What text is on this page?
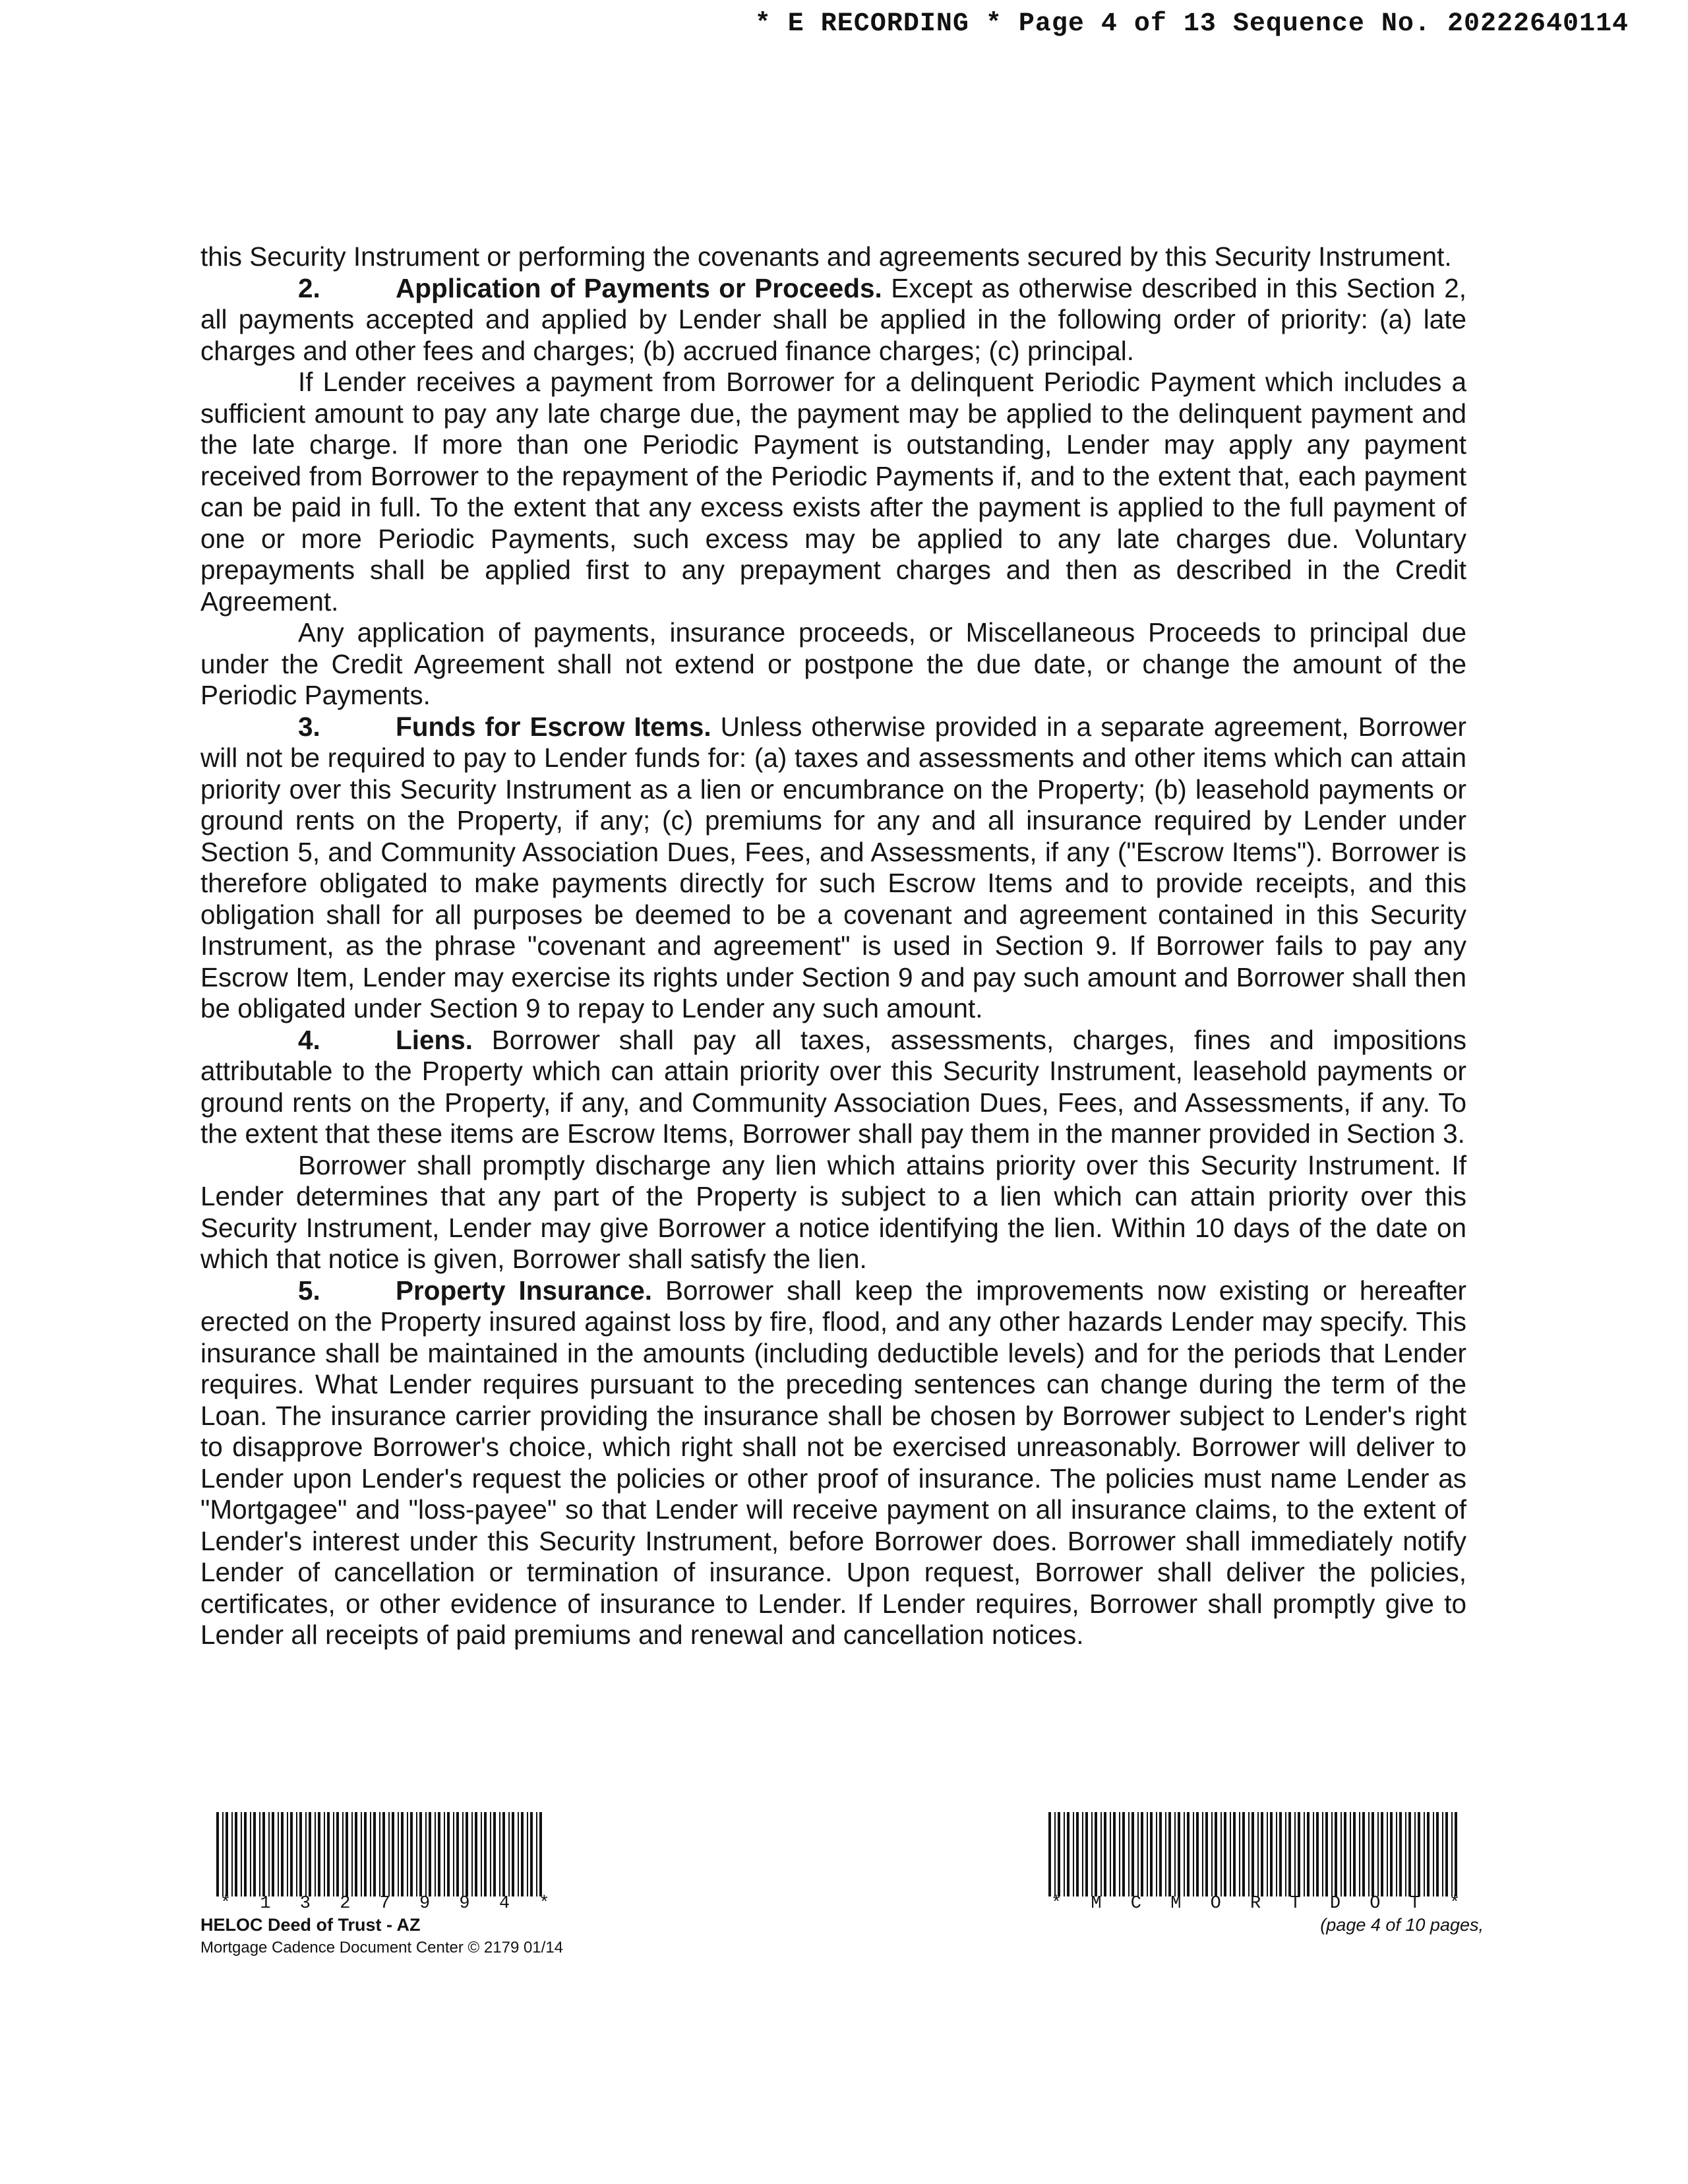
* E RECORDING * Page 4 of 13 Sequence No. 20222640114

this Security Instrument or performing the covenants and agreements secured by this Security Instrument.

2.	Application of Payments or Proceeds. Except as otherwise described in this Section 2, all payments accepted and applied by Lender shall be applied in the following order of priority: (a) late charges and other fees and charges; (b) accrued finance charges; (c) principal.

If Lender receives a payment from Borrower for a delinquent Periodic Payment which includes a sufficient amount to pay any late charge due, the payment may be applied to the delinquent payment and the late charge. If more than one Periodic Payment is outstanding, Lender may apply any payment received from Borrower to the repayment of the Periodic Payments if, and to the extent that, each payment can be paid in full. To the extent that any excess exists after the payment is applied to the full payment of one or more Periodic Payments, such excess may be applied to any late charges due. Voluntary prepayments shall be applied first to any prepayment charges and then as described in the Credit Agreement.

Any application of payments, insurance proceeds, or Miscellaneous Proceeds to principal due under the Credit Agreement shall not extend or postpone the due date, or change the amount of the Periodic Payments.

3.	Funds for Escrow Items. Unless otherwise provided in a separate agreement, Borrower will not be required to pay to Lender funds for: (a) taxes and assessments and other items which can attain priority over this Security Instrument as a lien or encumbrance on the Property; (b) leasehold payments or ground rents on the Property, if any; (c) premiums for any and all insurance required by Lender under Section 5, and Community Association Dues, Fees, and Assessments, if any ("Escrow Items"). Borrower is therefore obligated to make payments directly for such Escrow Items and to provide receipts, and this obligation shall for all purposes be deemed to be a covenant and agreement contained in this Security Instrument, as the phrase "covenant and agreement" is used in Section 9. If Borrower fails to pay any Escrow Item, Lender may exercise its rights under Section 9 and pay such amount and Borrower shall then be obligated under Section 9 to repay to Lender any such amount.

4.	Liens. Borrower shall pay all taxes, assessments, charges, fines and impositions attributable to the Property which can attain priority over this Security Instrument, leasehold payments or ground rents on the Property, if any, and Community Association Dues, Fees, and Assessments, if any. To the extent that these items are Escrow Items, Borrower shall pay them in the manner provided in Section 3.

Borrower shall promptly discharge any lien which attains priority over this Security Instrument. If Lender determines that any part of the Property is subject to a lien which can attain priority over this Security Instrument, Lender may give Borrower a notice identifying the lien. Within 10 days of the date on which that notice is given, Borrower shall satisfy the lien.

5.	Property Insurance. Borrower shall keep the improvements now existing or hereafter erected on the Property insured against loss by fire, flood, and any other hazards Lender may specify. This insurance shall be maintained in the amounts (including deductible levels) and for the periods that Lender requires. What Lender requires pursuant to the preceding sentences can change during the term of the Loan. The insurance carrier providing the insurance shall be chosen by Borrower subject to Lender's right to disapprove Borrower's choice, which right shall not be exercised unreasonably. Borrower will deliver to Lender upon Lender's request the policies or other proof of insurance. The policies must name Lender as "Mortgagee" and "loss-payee" so that Lender will receive payment on all insurance claims, to the extent of Lender's interest under this Security Instrument, before Borrower does. Borrower shall immediately notify Lender of cancellation or termination of insurance. Upon request, Borrower shall deliver the policies, certificates, or other evidence of insurance to Lender. If Lender requires, Borrower shall promptly give to Lender all receipts of paid premiums and renewal and cancellation notices.

* 1 3 2 7 9 9 4 *	* M C M O R T D O T *
HELOC Deed of Trust - AZ
Mortgage Cadence Document Center © 2179 01/14
(page 4 of 10 pages,
